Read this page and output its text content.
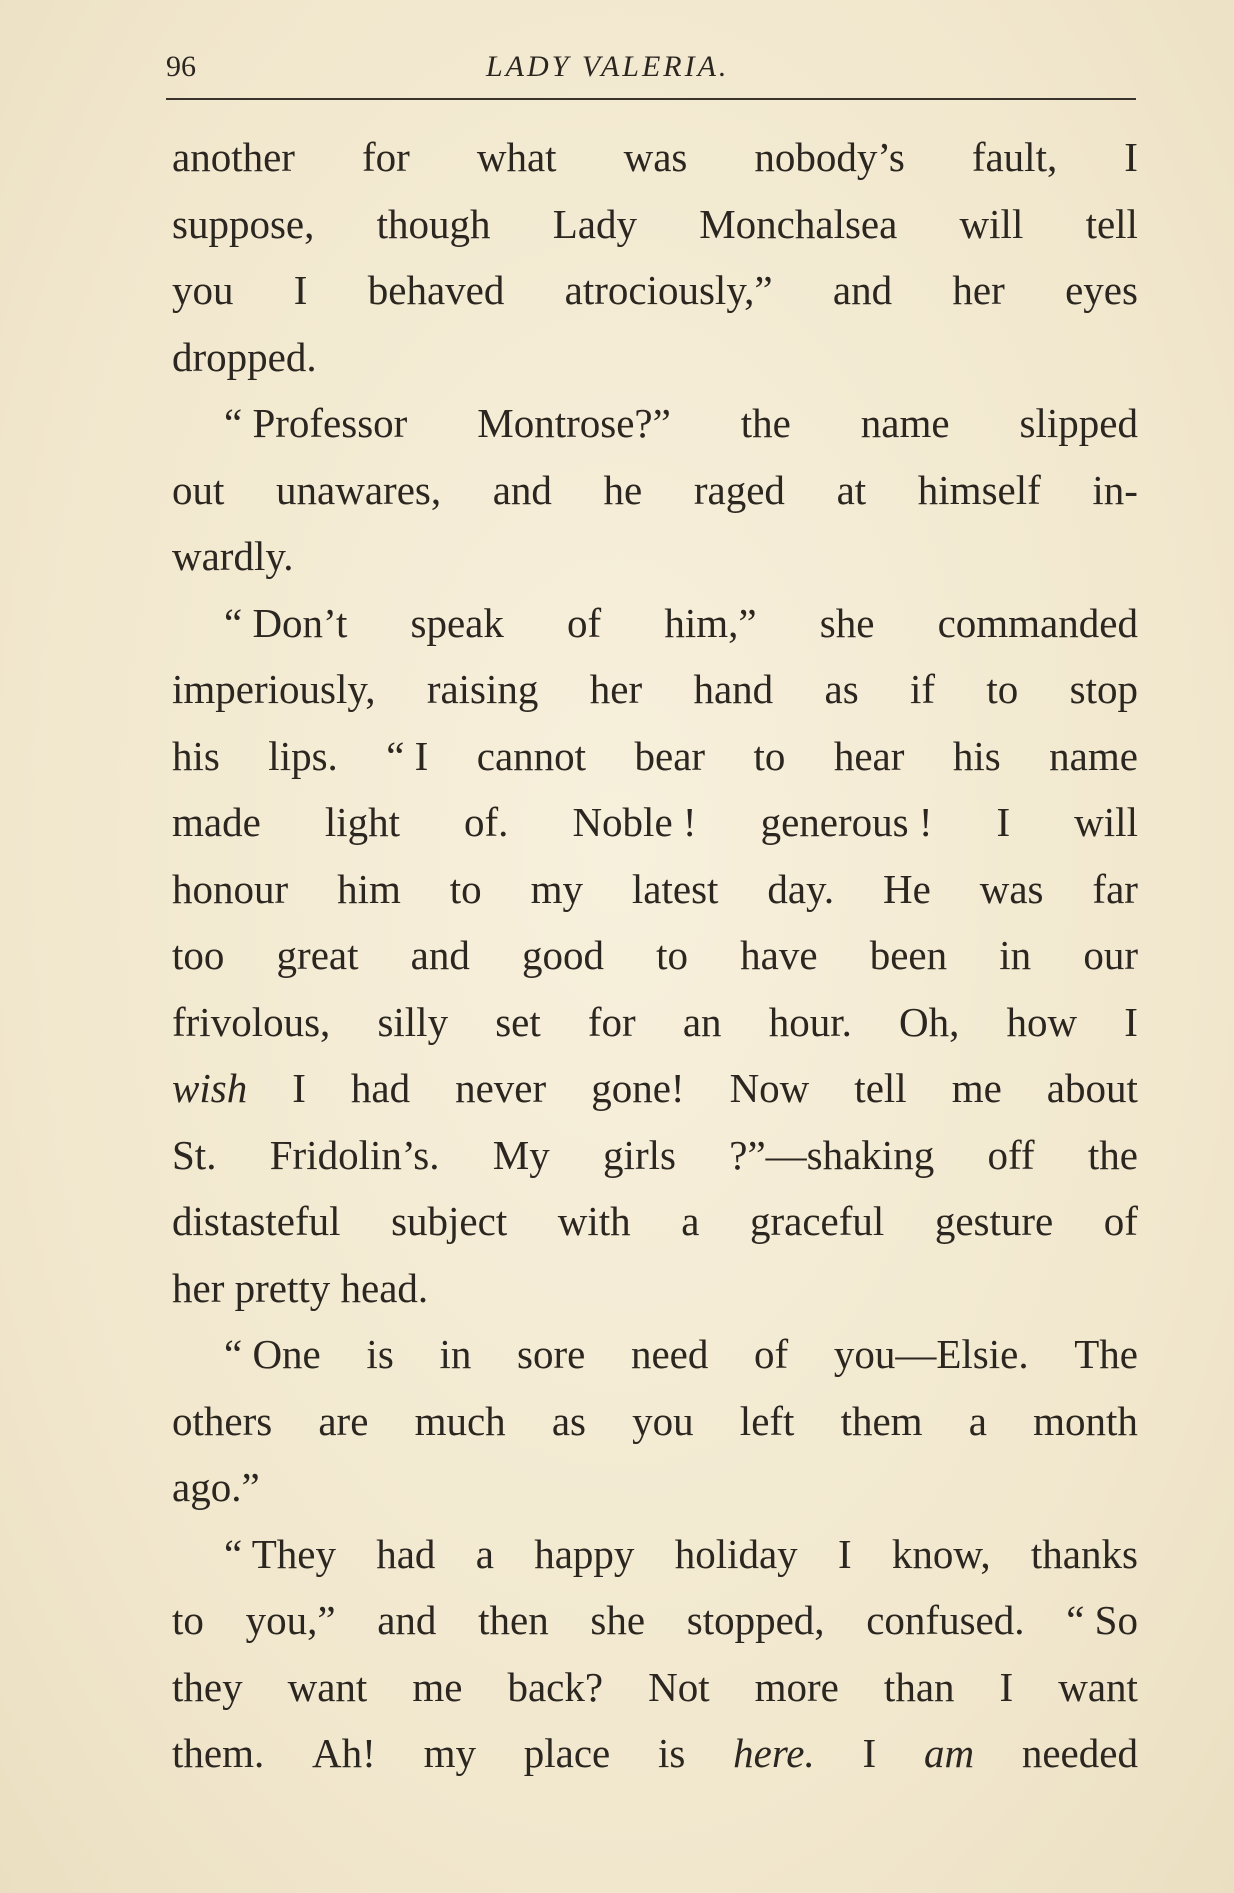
96	LADY VALERIA.
another for what was nobody’s fault, I
suppose, though Lady Monchalsea will tell
you I behaved atrociously,” and her eyes
dropped.
“ Professor Montrose?” the name slipped
out unawares, and he raged at himself in-
wardly.
“ Don’t speak of him,” she commanded
imperiously, raising her hand as if to stop
his lips. “ I cannot bear to hear his name
made light of. Noble ! generous ! I will
honour him to my latest day. He was far
too great and good to have been in our
frivolous, silly set for an hour. Oh, how I
wish I had never gone! Now tell me about
St. Fridolin’s. My girls ?”—shaking off the
distasteful subject with a graceful gesture of
her
pretty
head.
“ One is in sore need of you—Elsie. The
others are much as you left them a month
ago.”
“ They had a happy holiday I know, thanks
to you,” and then she stopped, confused. “ So
they want me back? Not more than I want
them. Ah! my place is here. I am needed
